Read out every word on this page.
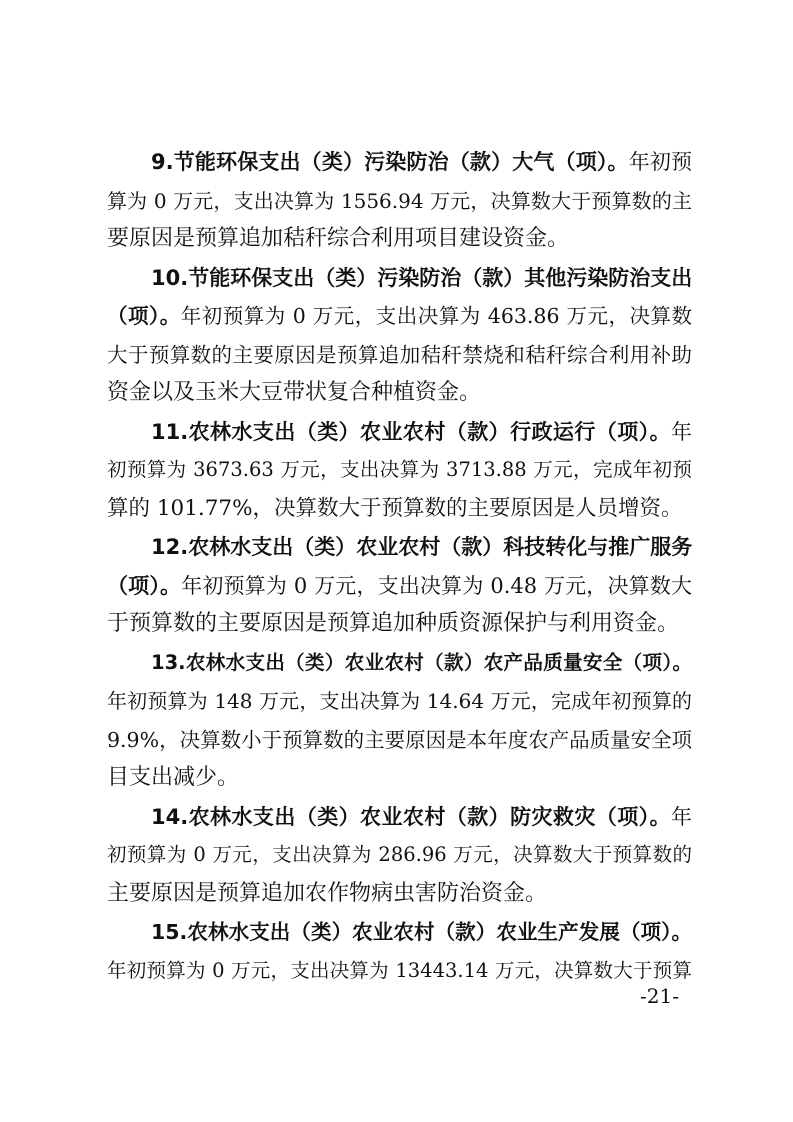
9.节能环保支出（类）污染防治（款）大气（项）。年初预
算为 0 万元，支出决算为 1556.94 万元，决算数大于预算数的主
要原因是预算追加秸秆综合利用项目建设资金。
10.节能环保支出（类）污染防治（款）其他污染防治支出
（项）。年初预算为 0 万元，支出决算为 463.86 万元，决算数
大于预算数的主要原因是预算追加秸秆禁烧和秸秆综合利用补助
资金以及玉米大豆带状复合种植资金。
11.农林水支出（类）农业农村（款）行政运行（项）。年
初预算为 3673.63 万元，支出决算为 3713.88 万元，完成年初预
算的 101.77%，决算数大于预算数的主要原因是人员增资。
12.农林水支出（类）农业农村（款）科技转化与推广服务
（项）。年初预算为 0 万元，支出决算为 0.48 万元，决算数大
于预算数的主要原因是预算追加种质资源保护与利用资金。
13.农林水支出（类）农业农村（款）农产品质量安全（项）。
年初预算为 148 万元，支出决算为 14.64 万元，完成年初预算的
9.9%，决算数小于预算数的主要原因是本年度农产品质量安全项
目支出减少。
14.农林水支出（类）农业农村（款）防灾救灾（项）。年
初预算为 0 万元，支出决算为 286.96 万元，决算数大于预算数的
主要原因是预算追加农作物病虫害防治资金。
15.农林水支出（类）农业农村（款）农业生产发展（项）。
年初预算为 0 万元，支出决算为 13443.14 万元，决算数大于预算
-21-
